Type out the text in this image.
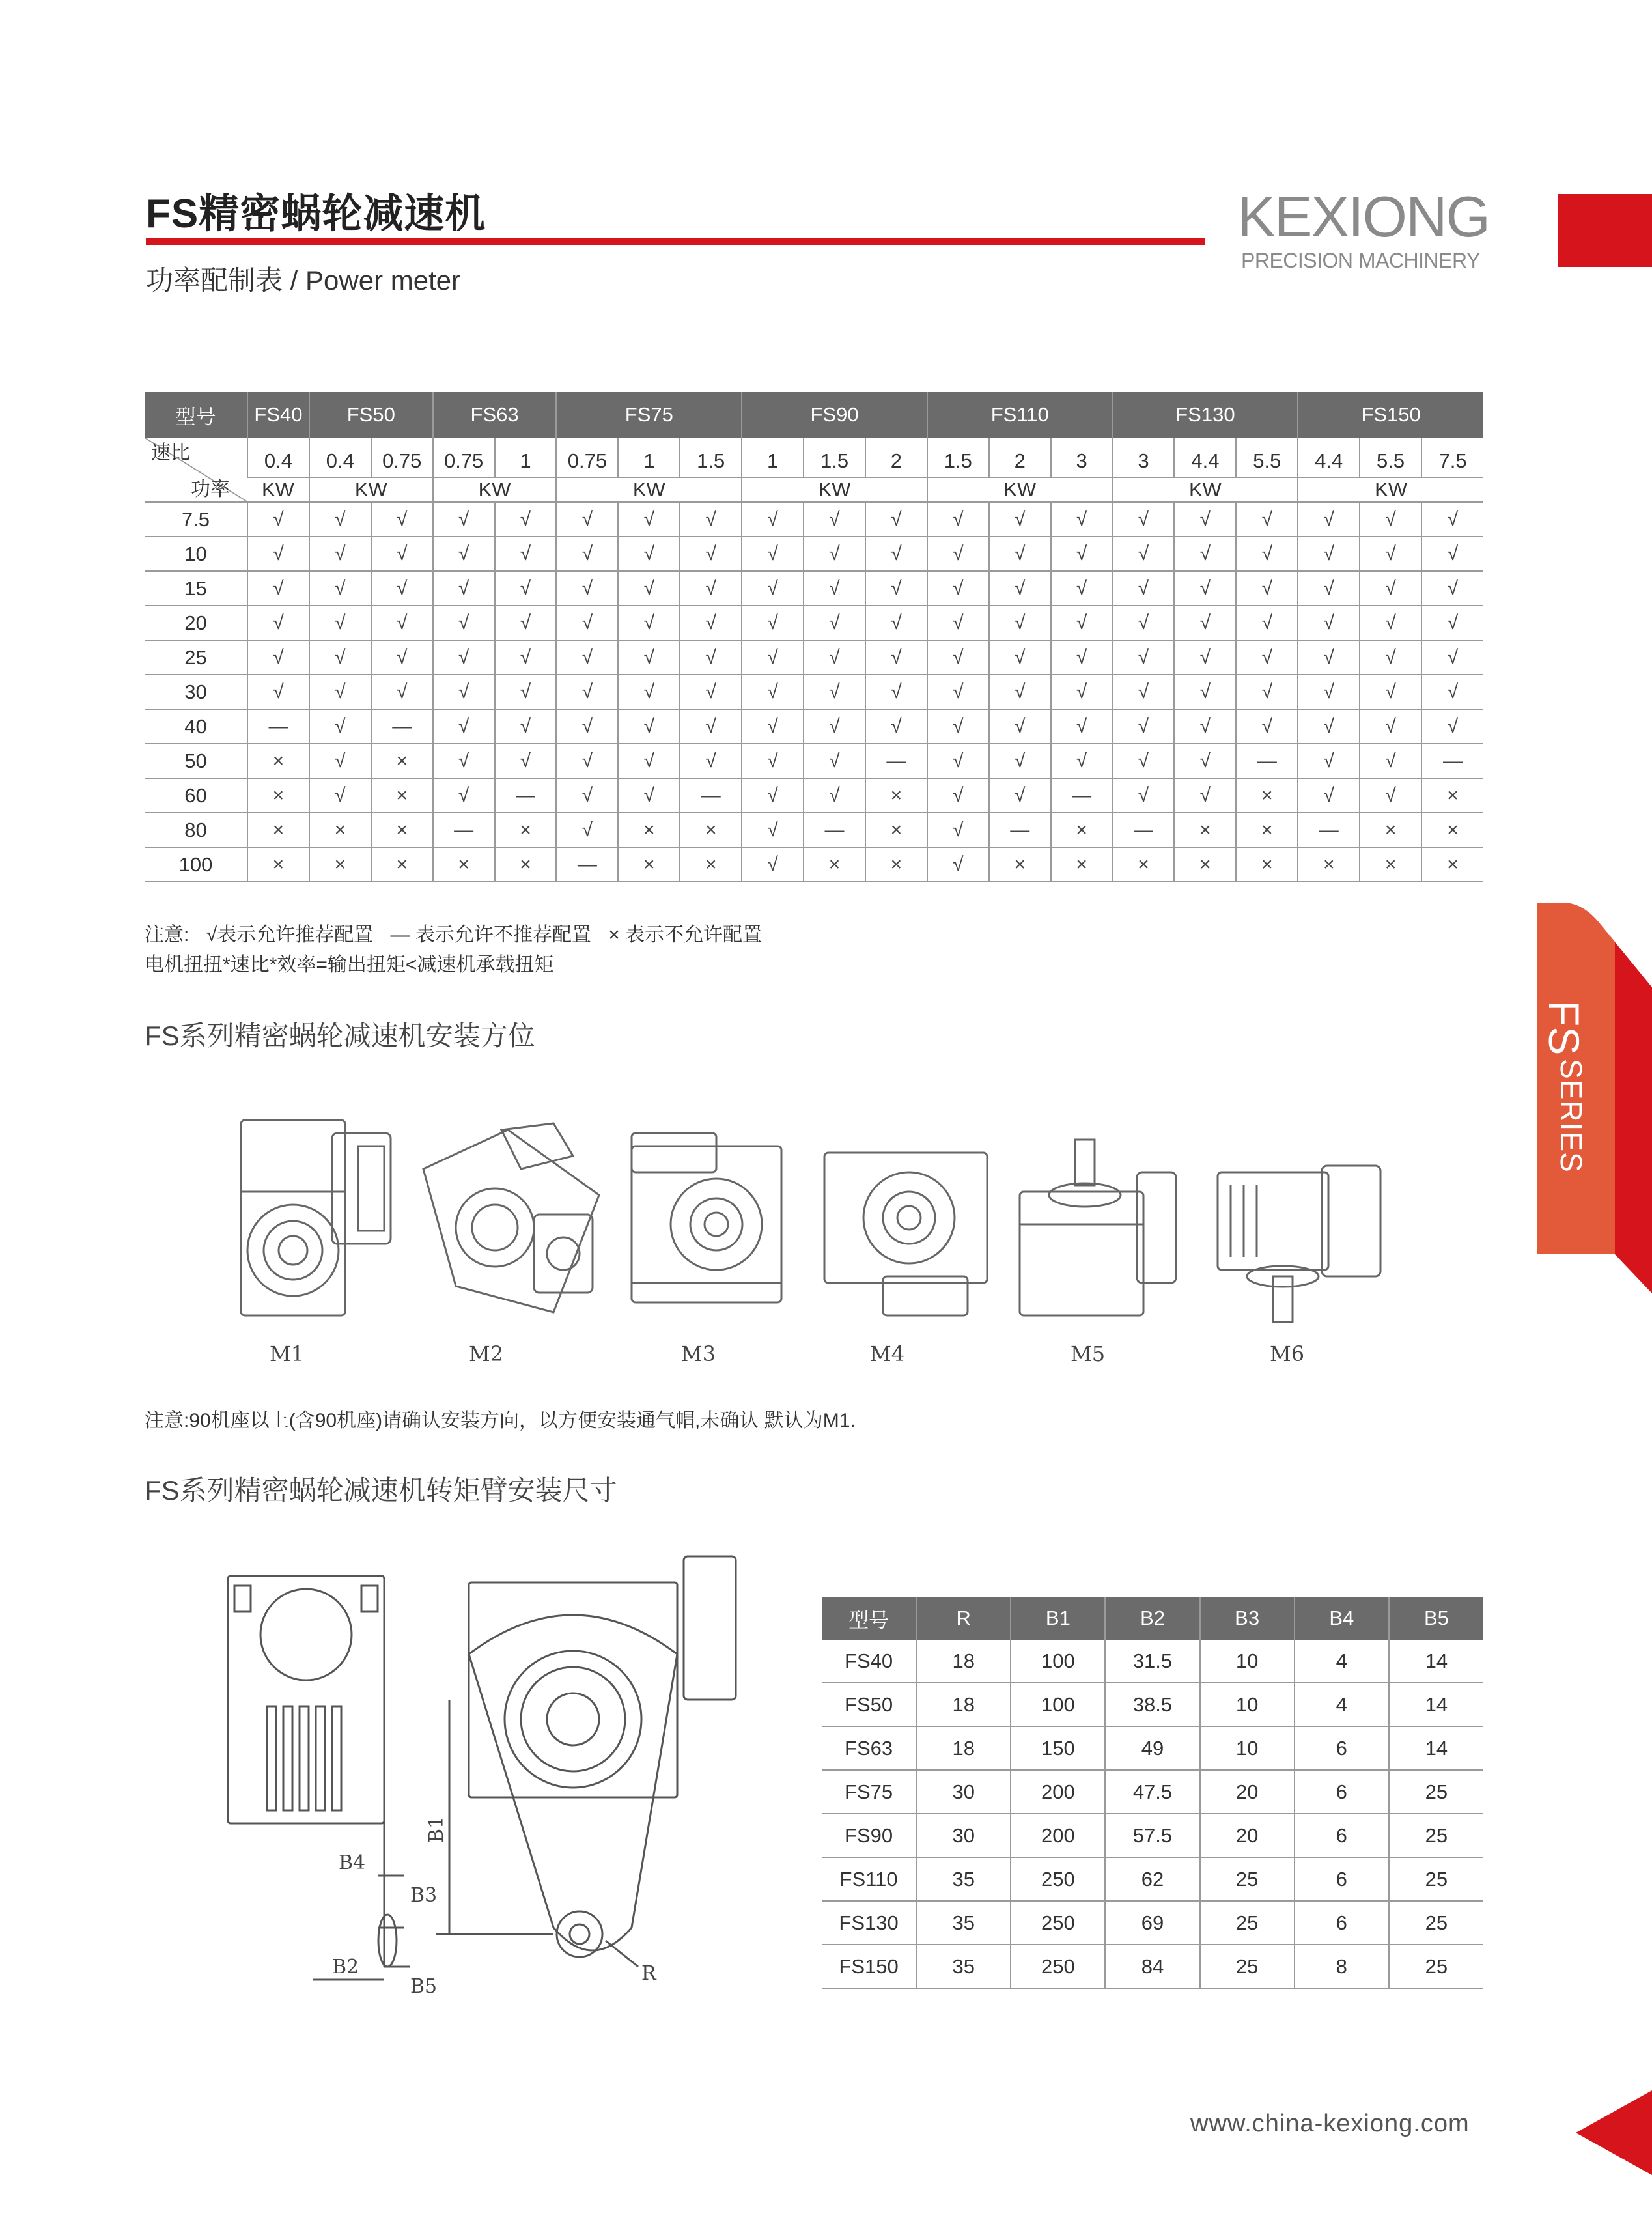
FS精密蜗轮减速机
功率配制表 / Power meter
KEXIONG
PRECISION MACHINERY
型号	FS40	FS50		FS63		FS75			FS90			FS110			FS130			FS150		

速比
功率	0.4	0.4	0.75	0.75	1	0.75	1	1.5	1	1.5	2	1.5	2	3	3	4.4	5.5	4.4	5.5	7.5
	KW	KW		KW		KW			KW			KW			KW			KW		
7.5	√	√	√	√	√	√	√	√	√	√	√	√	√	√	√	√	√	√	√	√
10	√	√	√	√	√	√	√	√	√	√	√	√	√	√	√	√	√	√	√	√
15	√	√	√	√	√	√	√	√	√	√	√	√	√	√	√	√	√	√	√	√
20	√	√	√	√	√	√	√	√	√	√	√	√	√	√	√	√	√	√	√	√
25	√	√	√	√	√	√	√	√	√	√	√	√	√	√	√	√	√	√	√	√
30	√	√	√	√	√	√	√	√	√	√	√	√	√	√	√	√	√	√	√	√
40	—	√	—	√	√	√	√	√	√	√	√	√	√	√	√	√	√	√	√	√
50	×	√	×	√	√	√	√	√	√	√	—	√	√	√	√	√	—	√	√	—
60	×	√	×	√	—	√	√	—	√	√	×	√	√	—	√	√	×	√	√	×
80	×	×	×	—	×	√	×	×	√	—	×	√	—	×	—	×	×	—	×	×
100	×	×	×	×	×	—	×	×	√	×	×	√	×	×	×	×	×	×	×	×
注意: √表示允许推荐配置 — 表示允许不推荐配置 × 表示不允许配置
电机扭扭*速比*效率=输出扭矩<减速机承载扭矩
FS系列精密蜗轮减速机安装方位
M1	M2	M3	M4	M5	M6
注意:90机座以上(含90机座)请确认安装方向，以方便安装通气帽,未确认 默认为M1.
FS系列精密蜗轮减速机转矩臂安装尺寸
B4
B3
B2
B5
R
B1
型号	R	B1	B2	B3	B4	B5
FS40	18	100	31.5	10	4	14
FS50	18	100	38.5	10	4	14
FS63	18	150	49	10	6	14
FS75	30	200	47.5	20	6	25
FS90	30	200	57.5	20	6	25
FS110	35	250	62	25	6	25
FS130	35	250	69	25	6	25
FS150	35	250	84	25	8	25
FS
SERIES
www.china-kexiong.com
